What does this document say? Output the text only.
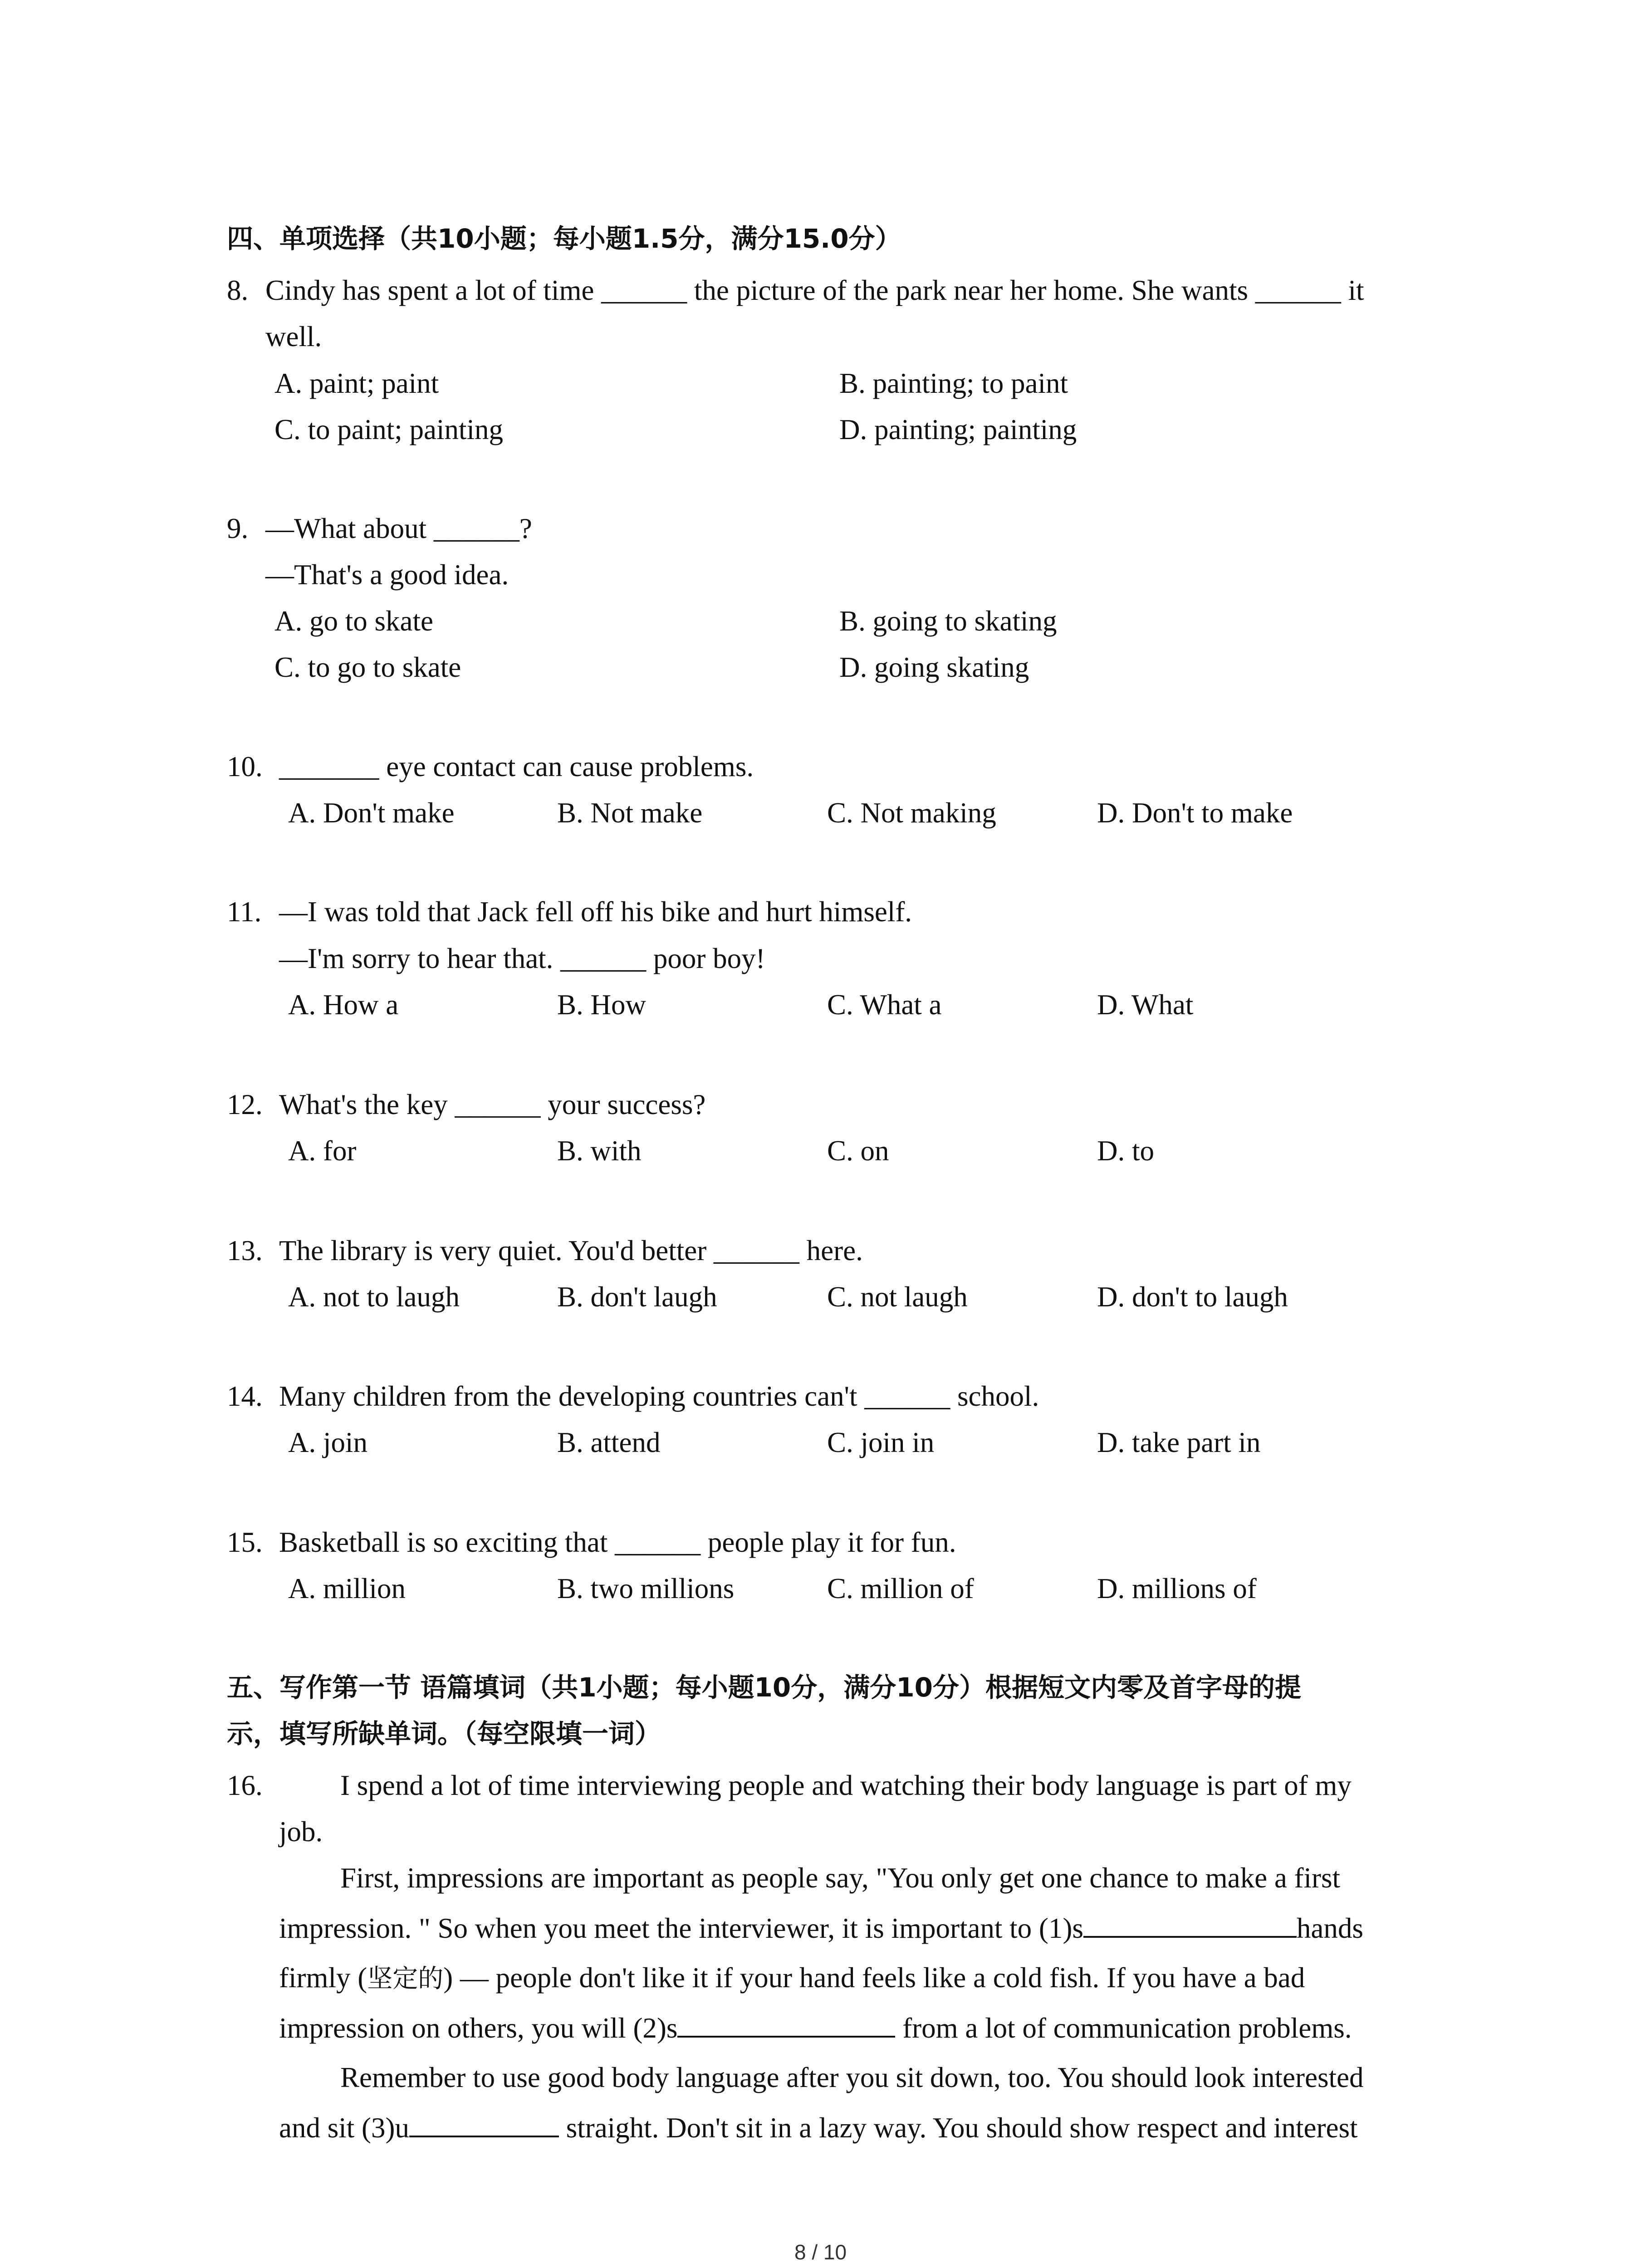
四、单项选择（共10小题；每小题1.5分，满分15.0分）
8. Cindy has spent a lot of time ______ the picture of the park near her home. She wants ______ it
well.
A. paint; paint	B. painting; to paint
C. to paint; painting	D. painting; painting
9. —What about ______?
—That's a good idea.
A. go to skate	B. going to skating
C. to go to skate	D. going skating
10. _______ eye contact can cause problems.
A. Don't make	B. Not make	C. Not making	D. Don't to make
11. —I was told that Jack fell off his bike and hurt himself.
—I'm sorry to hear that. ______ poor boy!
A. How a	B. How	C. What a	D. What
12. What's the key ______ your success?
A. for	B. with	C. on	D. to
13. The library is very quiet. You'd better ______ here.
A. not to laugh	B. don't laugh	C. not laugh	D. don't to laugh
14. Many children from the developing countries can't ______ school.
A. join	B. attend	C. join in	D. take part in
15. Basketball is so exciting that ______ people play it for fun.
A. million	B. two millions	C. million of	D. millions of
五、写作第一节 语篇填词（共1小题；每小题10分，满分10分）根据短文内零及首字母的提
示，填写所缺单词。（每空限填一词）
16.	I spend a lot of time interviewing people and watching their body language is part of my
job.
First, impressions are important as people say, "You only get one chance to make a first
impression. " So when you meet the interviewer, it is important to (1)s	hands
firmly (坚定的) — people don't like it if your hand feels like a cold fish. If you have a bad
impression on others, you will (2)s	from a lot of communication problems.
Remember to use good body language after you sit down, too. You should look interested
and sit (3)u	straight. Don't sit in a lazy way. You should show respect and interest
8 / 10
